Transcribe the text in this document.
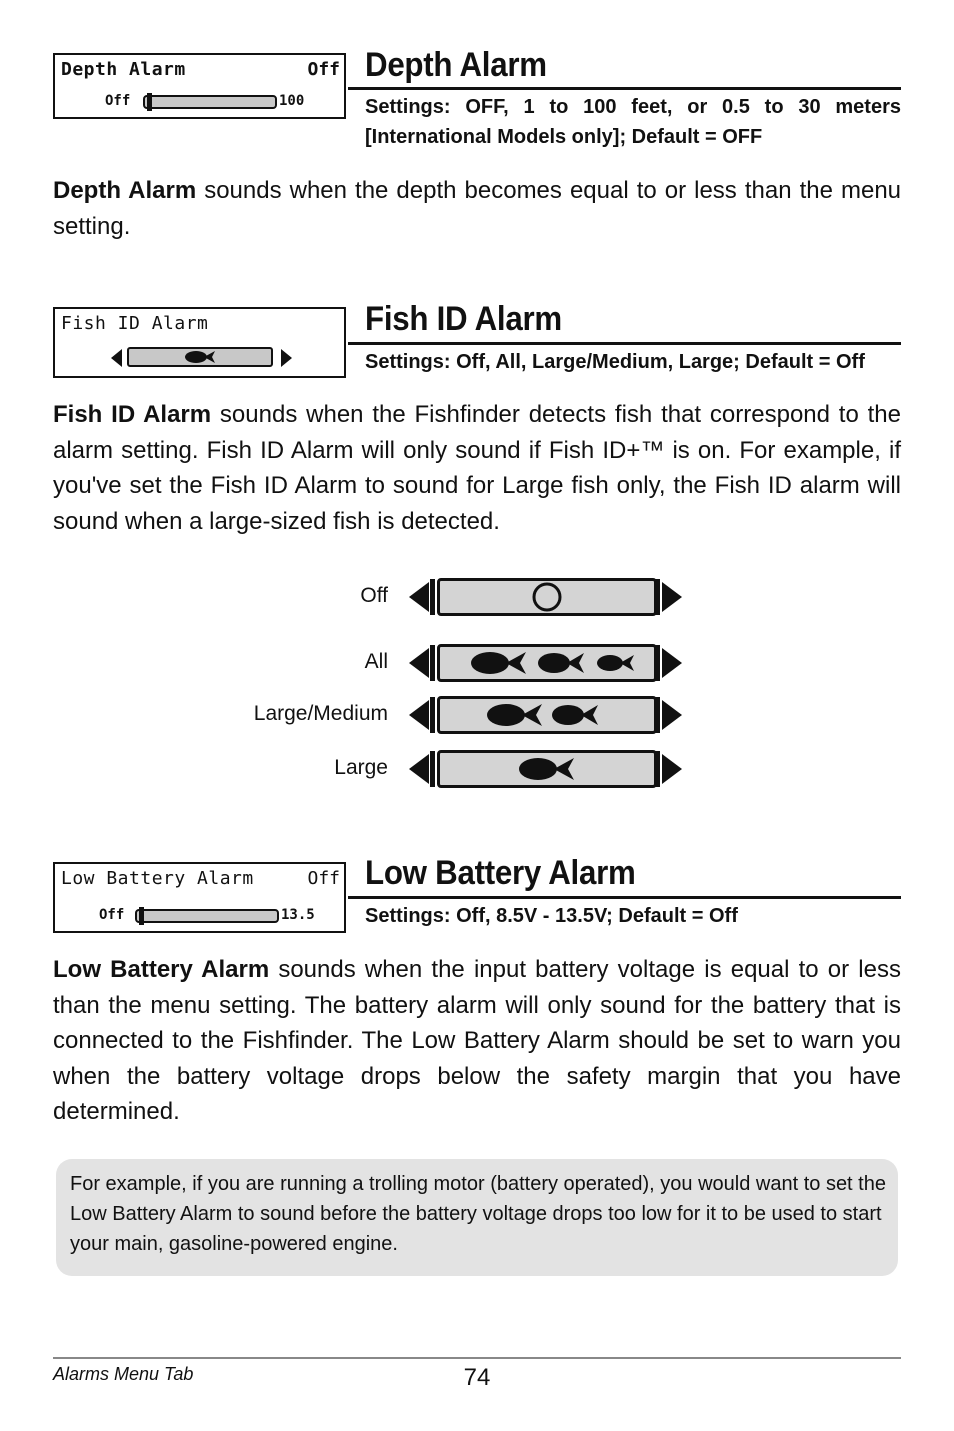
Depth Alarm	Off
Off	100
Depth Alarm
Settings: OFF, 1 to 100 feet, or 0.5 to 30 meters [International Models only]; Default = OFF
Depth Alarm sounds when the depth becomes equal to or less than the menu setting.
Fish ID Alarm	Fish ID Alarm
Settings: Off, All, Large/Medium, Large; Default = Off
Fish ID Alarm sounds when the Fishfinder detects fish that correspond to the alarm setting. Fish ID Alarm will only sound if Fish ID+™ is on. For example, if you've set the Fish ID Alarm to sound for Large fish only, the Fish ID alarm will sound when a large-sized fish is detected.
Off
All
Large/Medium
Large
Low Battery Alarm	Off
Off	13.5
Low Battery Alarm
Settings: Off, 8.5V - 13.5V; Default = Off
Low Battery Alarm sounds when the input battery voltage is equal to or less than the menu setting. The battery alarm will only sound for the battery that is connected to the Fishfinder. The Low Battery Alarm should be set to warn you when the battery voltage drops below the safety margin that you have determined.
For example, if you are running a trolling motor (battery operated), you would want to set the Low Battery Alarm to sound before the battery voltage drops too low for it to be used to start your main, gasoline-powered engine.
Alarms Menu Tab	74
